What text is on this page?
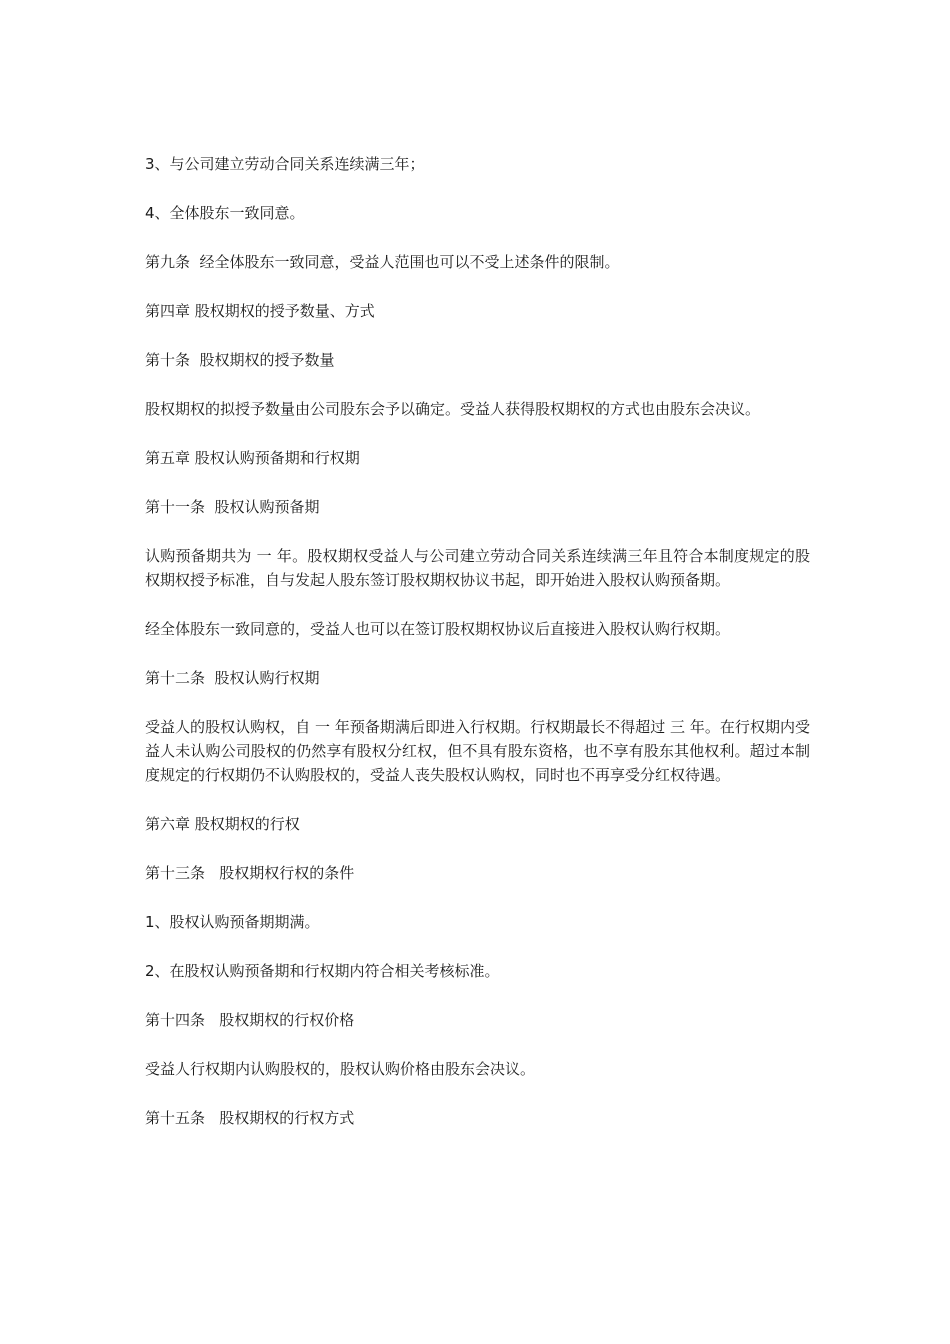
3、与公司建立劳动合同关系连续满三年；

4、全体股东一致同意。

第九条  经全体股东一致同意，受益人范围也可以不受上述条件的限制。

第四章 股权期权的授予数量、方式

第十条  股权期权的授予数量

股权期权的拟授予数量由公司股东会予以确定。受益人获得股权期权的方式也由股东会决议。

第五章 股权认购预备期和行权期

第十一条  股权认购预备期

认购预备期共为 一 年。股权期权受益人与公司建立劳动合同关系连续满三年且符合本制度规定的股权期权授予标准，自与发起人股东签订股权期权协议书起，即开始进入股权认购预备期。

经全体股东一致同意的，受益人也可以在签订股权期权协议后直接进入股权认购行权期。

第十二条  股权认购行权期

受益人的股权认购权，自 一 年预备期满后即进入行权期。行权期最长不得超过 三 年。在行权期内受益人未认购公司股权的仍然享有股权分红权，但不具有股东资格，也不享有股东其他权利。超过本制度规定的行权期仍不认购股权的，受益人丧失股权认购权，同时也不再享受分红权待遇。

第六章 股权期权的行权

第十三条   股权期权行权的条件

1、股权认购预备期期满。

2、在股权认购预备期和行权期内符合相关考核标准。

第十四条   股权期权的行权价格

受益人行权期内认购股权的，股权认购价格由股东会决议。

第十五条   股权期权的行权方式
